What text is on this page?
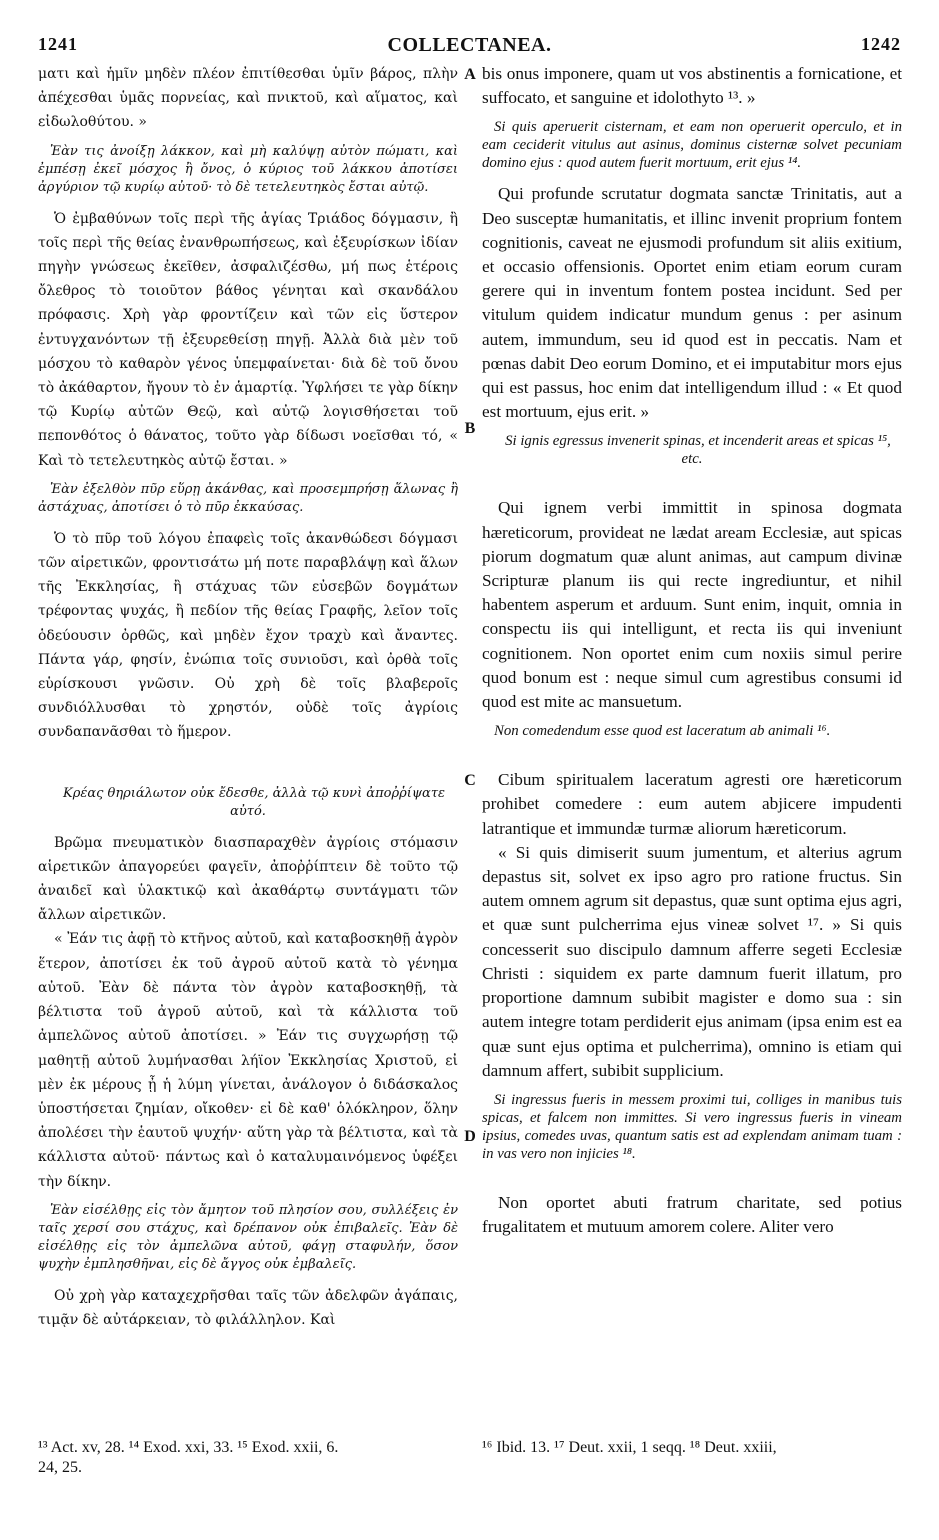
1241	COLLECTANEA.	1242

ματι καὶ ἡμῖν μηδὲν πλέον ἐπιτίθεσθαι ὑμῖν βάρος, πλὴν ἀπέχεσθαι ὑμᾶς πορνείας, καὶ πνικτοῦ, καὶ αἵματος, καὶ εἰδωλοθύτου. »

Ἐὰν τις ἀνοίξῃ λάκκον, καὶ μὴ καλύψῃ αὐτὸν πώματι, καὶ ἐμπέσῃ ἐκεῖ μόσχος ἢ ὄνος, ὁ κύριος τοῦ λάκκου ἀποτίσει ἀργύριον τῷ κυρίῳ αὐτοῦ· τὸ δὲ τετελευτηκὸς ἔσται αὐτῷ.

Ὁ ἐμβαθύνων τοῖς περὶ τῆς ἁγίας Τριάδος δόγμασιν, ἢ τοῖς περὶ τῆς θείας ἐνανθρωπήσεως, καὶ ἐξευρίσκων ἰδίαν πηγὴν γνώσεως ἐκεῖθεν, ἀσφαλιζέσθω, μή πως ἑτέροις ὄλεθρος τὸ τοιοῦτον βάθος γένηται καὶ σκανδάλου πρόφασις. Χρὴ γὰρ φροντίζειν καὶ τῶν εἰς ὕστερον ἐντυγχανόντων τῇ ἐξευρεθείσῃ πηγῇ. Ἀλλὰ διὰ μὲν τοῦ μόσχου τὸ καθαρὸν γένος ὑπεμφαίνεται· διὰ δὲ τοῦ ὄνου τὸ ἀκάθαρτον, ἤγουν τὸ ἐν ἁμαρτίᾳ. Ὑφλήσει τε γὰρ δίκην τῷ Κυρίῳ αὐτῶν Θεῷ, καὶ αὐτῷ λογισθήσεται τοῦ πεπονθότος ὁ θάνατος, τοῦτο γὰρ δίδωσι νοεῖσθαι τό, « Καὶ τὸ τετελευτηκὸς αὐτῷ ἔσται. »

Ἐὰν ἐξελθὸν πῦρ εὕρῃ ἀκάνθας, καὶ προσεμπρήσῃ ἅλωνας ἢ ἀστάχυας, ἀποτίσει ὁ τὸ πῦρ ἐκκαύσας.

Ὁ τὸ πῦρ τοῦ λόγου ἐπαφεὶς τοῖς ἀκανθώδεσι δόγμασι τῶν αἱρετικῶν, φροντισάτω μή ποτε παραβλάψῃ καὶ ἅλων τῆς Ἐκκλησίας, ἢ στάχυας τῶν εὐσεβῶν δογμάτων τρέφοντας ψυχάς, ἢ πεδίον τῆς θείας Γραφῆς, λεῖον τοῖς ὁδεύουσιν ὀρθῶς, καὶ μηδὲν ἔχον τραχὺ καὶ ἄναντες. Πάντα γάρ, φησίν, ἐνώπια τοῖς συνιοῦσι, καὶ ὀρθὰ τοῖς εὑρίσκουσι γνῶσιν. Οὐ χρὴ δὲ τοῖς βλαβεροῖς συνδιόλλυσθαι τὸ χρηστόν, οὐδὲ τοῖς ἀγρίοις συνδαπανᾶσθαι τὸ ἥμερον.

Κρέας θηριάλωτον οὐκ ἔδεσθε, ἀλλὰ τῷ κυνὶ ἀποῤῥίψατε αὐτό.

Βρῶμα πνευματικὸν διασπαραχθὲν ἀγρίοις στόμασιν αἱρετικῶν ἀπαγορεύει φαγεῖν, ἀποῤῥίπτειν δὲ τοῦτο τῷ ἀναιδεῖ καὶ ὑλακτικῷ καὶ ἀκαθάρτῳ συντάγματι τῶν ἄλλων αἱρετικῶν.

« Ἐάν τις ἀφῇ τὸ κτῆνος αὐτοῦ, καὶ καταβοσκηθῇ ἀγρὸν ἕτερον, ἀποτίσει ἐκ τοῦ ἀγροῦ αὐτοῦ κατὰ τὸ γένημα αὐτοῦ. Ἐὰν δὲ πάντα τὸν ἀγρὸν καταβοσκηθῇ, τὰ βέλτιστα τοῦ ἀγροῦ αὐτοῦ, καὶ τὰ κάλλιστα τοῦ ἀμπελῶνος αὐτοῦ ἀποτίσει. » Ἐάν τις συγχωρήσῃ τῷ μαθητῇ αὐτοῦ λυμήνασθαι λήϊον Ἐκκλησίας Χριστοῦ, εἰ μὲν ἐκ μέρους ᾖ ἡ λύμη γίνεται, ἀνάλογον ὁ διδάσκαλος ὑποστήσεται ζημίαν, οἴκοθεν· εἰ δὲ καθ' ὁλόκληρον, ὅλην ἀπολέσει τὴν ἑαυτοῦ ψυχήν· αὕτη γὰρ τὰ βέλτιστα, καὶ τὰ κάλλιστα αὐτοῦ· πάντως καὶ ὁ καταλυμαινόμενος ὑφέξει τὴν δίκην.

Ἐὰν εἰσέλθῃς εἰς τὸν ἄμητον τοῦ πλησίον σου, συλλέξεις ἐν ταῖς χερσί σου στάχυς, καὶ δρέπανον οὐκ ἐπιβαλεῖς. Ἐὰν δὲ εἰσέλθῃς εἰς τὸν ἀμπελῶνα αὐτοῦ, φάγῃ σταφυλήν, ὅσον ψυχὴν ἐμπλησθῆναι, εἰς δὲ ἄγγος οὐκ ἐμβαλεῖς.

Οὐ χρὴ γὰρ καταχεχρῆσθαι ταῖς τῶν ἀδελφῶν ἀγάπαις, τιμᾷν δὲ αὐτάρκειαν, τὸ φιλάλληλον. Καὶ

A
B
C
D

bis onus imponere, quam ut vos abstinentis a fornicatione, et suffocato, et sanguine et idolothyto ¹³. »

Si quis aperuerit cisternam, et eam non operuerit operculo, et in eam ceciderit vitulus aut asinus, dominus cisternæ solvet pecuniam domino ejus : quod autem fuerit mortuum, erit ejus ¹⁴.

Qui profunde scrutatur dogmata sanctæ Trinitatis, aut a Deo susceptæ humanitatis, et illinc invenit proprium fontem cognitionis, caveat ne ejusmodi profundum sit aliis exitium, et occasio offensionis. Oportet enim etiam eorum curam gerere qui in inventum fontem postea incidunt. Sed per vitulum quidem indicatur mundum genus : per asinum autem, immundum, seu id quod est in peccatis. Nam et pœnas dabit Deo eorum Domino, et ei imputabitur mors ejus qui est passus, hoc enim dat intelligendum illud : « Et quod est mortuum, ejus erit. »

Si ignis egressus invenerit spinas, et incenderit areas et spicas ¹⁵, etc.

Qui ignem verbi immittit in spinosa dogmata hæreticorum, provideat ne lædat aream Ecclesiæ, aut spicas piorum dogmatum quæ alunt animas, aut campum divinæ Scripturæ planum iis qui recte ingrediuntur, et nihil habentem asperum et arduum. Sunt enim, inquit, omnia in conspectu iis qui intelligunt, et recta iis qui inveniunt cognitionem. Non oportet enim cum noxiis simul perire quod bonum est : neque simul cum agrestibus consumi id quod est mite ac mansuetum.

Non comedendum esse quod est laceratum ab animali ¹⁶.

Cibum spiritualem laceratum agresti ore hæreticorum prohibet comedere : eum autem abjicere impudenti latrantique et immundæ turmæ aliorum hæreticorum.

« Si quis dimiserit suum jumentum, et alterius agrum depastus sit, solvet ex ipso agro pro ratione fructus. Sin autem omnem agrum sit depastus, quæ sunt optima ejus agri, et quæ sunt pulcherrima ejus vineæ solvet ¹⁷. » Si quis concesserit suo discipulo damnum afferre segeti Ecclesiæ Christi : siquidem ex parte damnum fuerit illatum, pro proportione damnum subibit magister e domo sua : sin autem integre totam perdiderit ejus animam (ipsa enim est ea quæ sunt ejus optima et pulcherrima), omnino is etiam qui damnum affert, subibit supplicium.

Si ingressus fueris in messem proximi tui, colliges in manibus tuis spicas, et falcem non immittes. Si vero ingressus fueris in vineam ipsius, comedes uvas, quantum satis est ad explendam animam tuam : in vas vero non injicies ¹⁸.

Non oportet abuti fratrum charitate, sed potius frugalitatem et mutuum amorem colere. Aliter vero

¹³ Act. xv, 28. ¹⁴ Exod. xxi, 33. ¹⁵ Exod. xxii, 6.
24, 25.
¹⁶ Ibid. 13. ¹⁷ Deut. xxii, 1 seqq. ¹⁸ Deut. xxiii,
